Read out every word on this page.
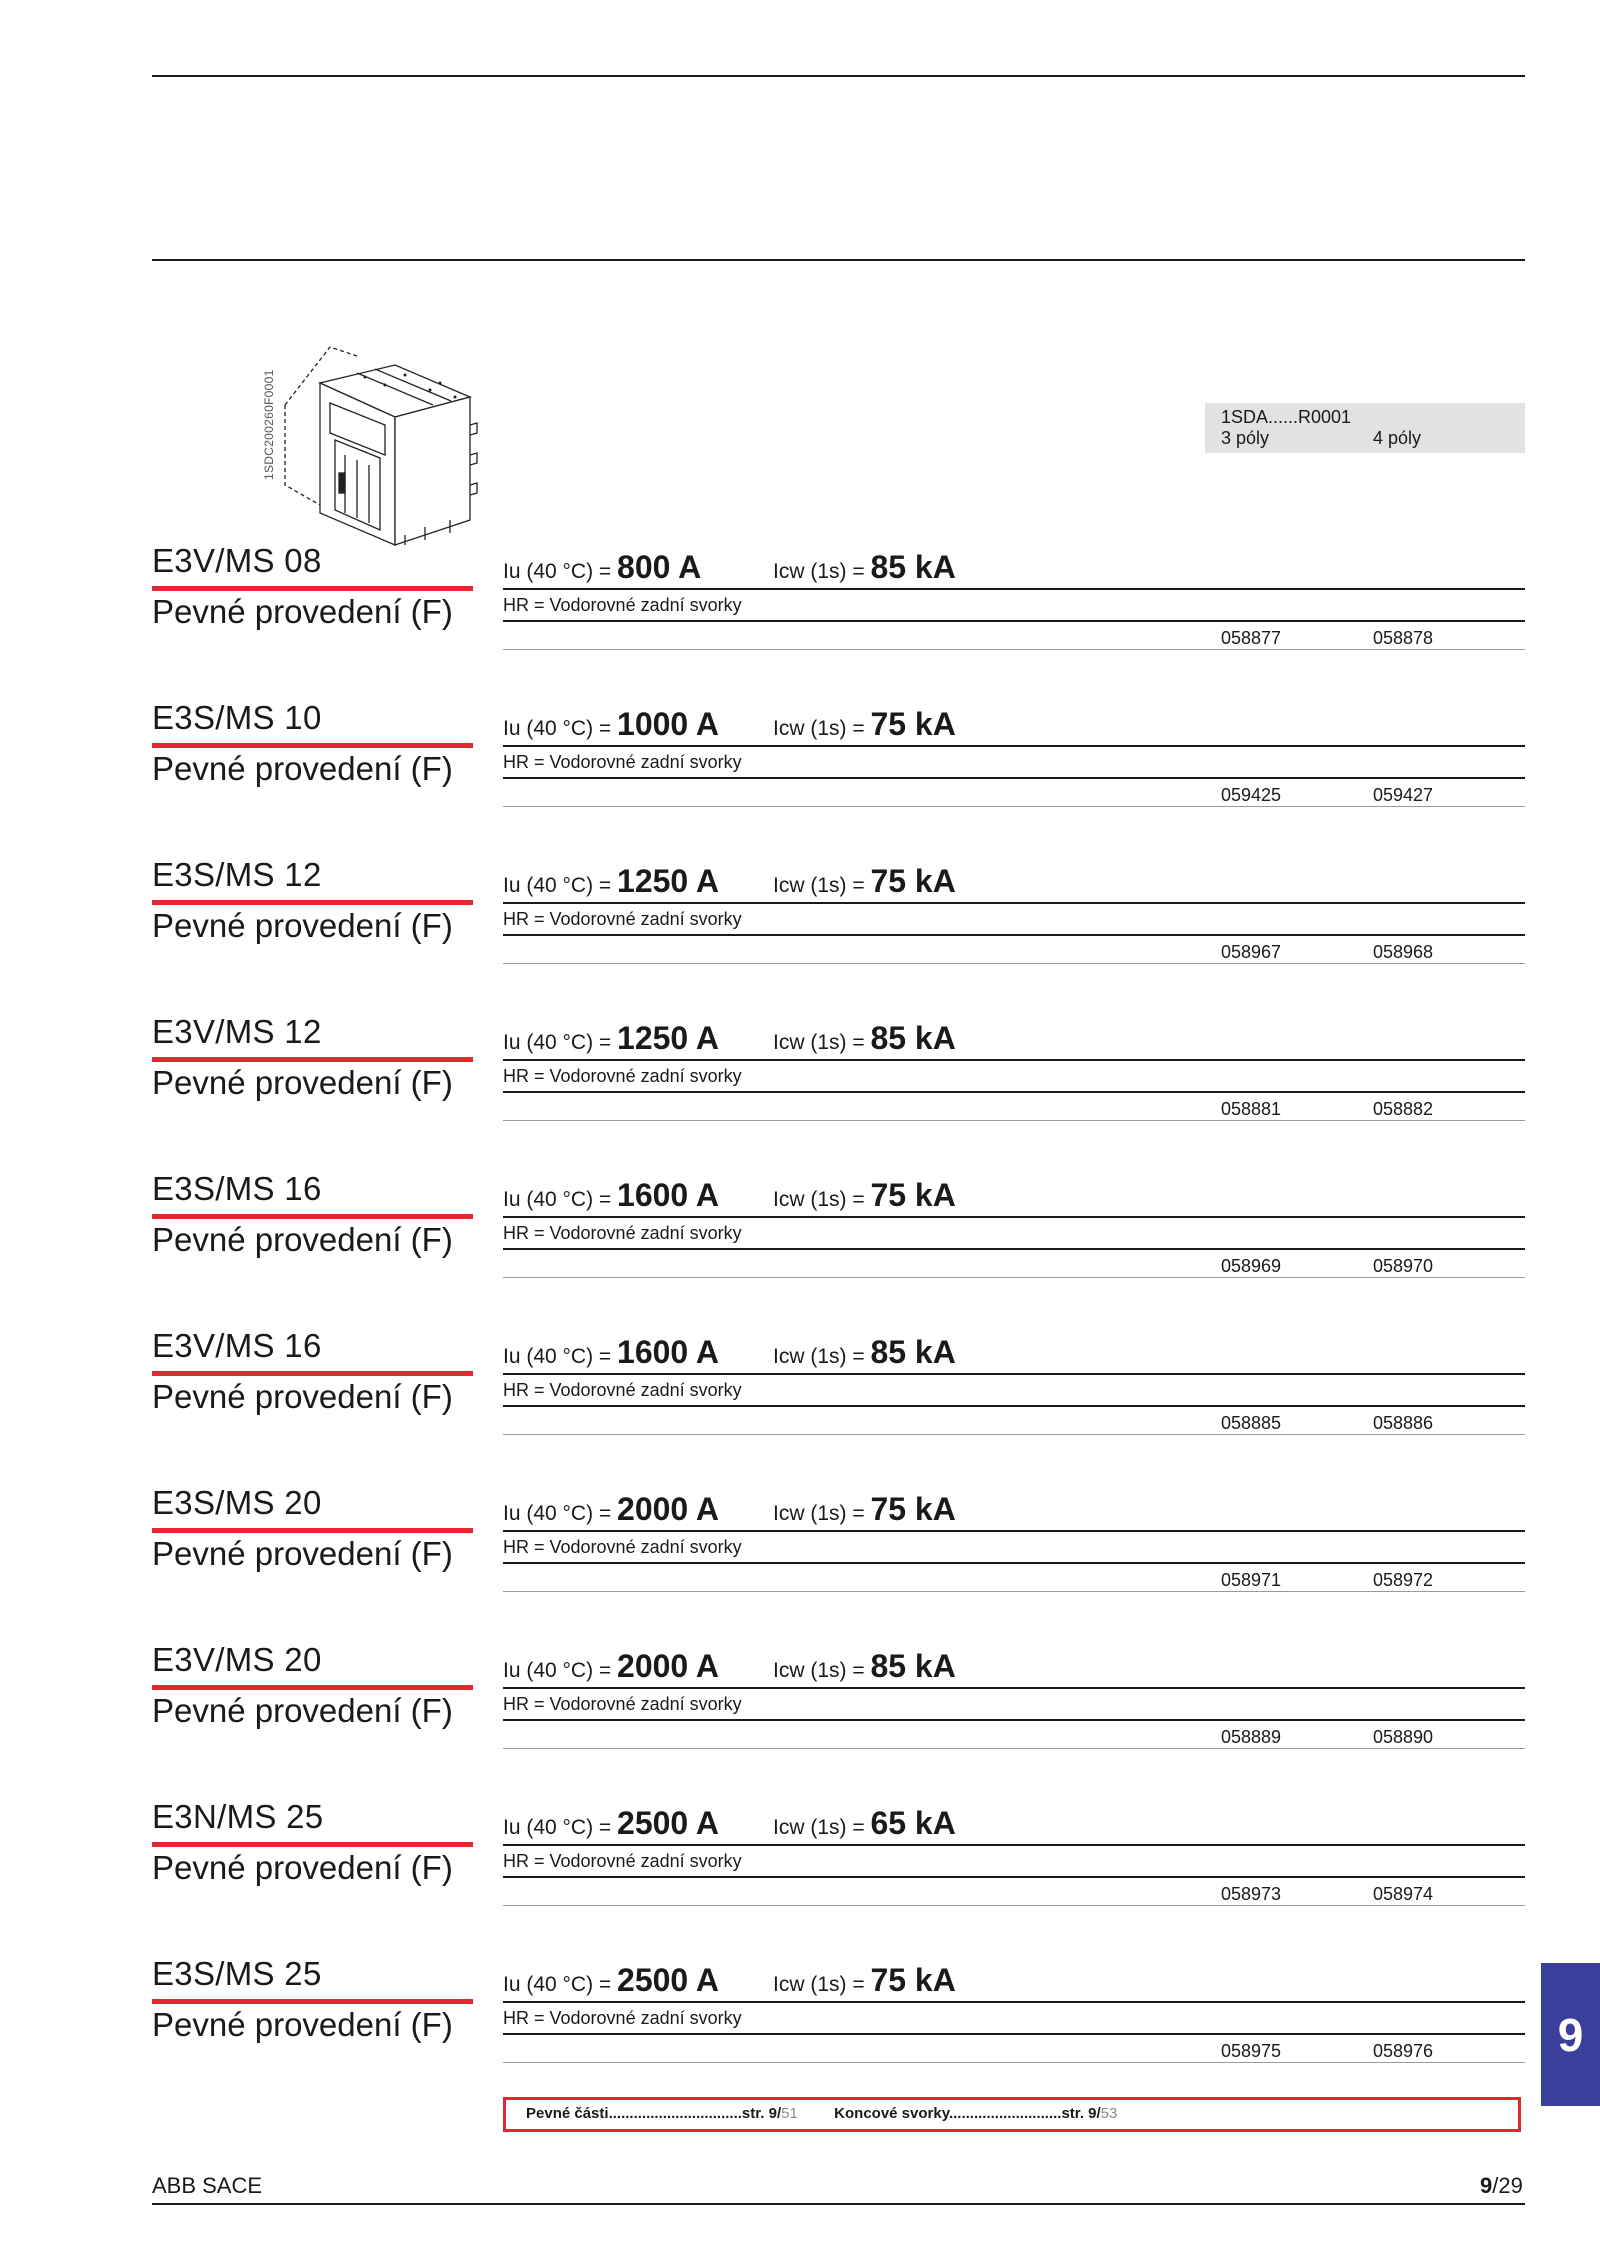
1SDC200260F0001	1SDA......R0001
3 póly	4 póly
E3V/MS 08
Pevné provedení (F)
Iu (40 °C) = 800 A	Icw (1s) = 85 kA
HR = Vodorovné zadní svorky
058877	058878
E3S/MS 10
Pevné provedení (F)
Iu (40 °C) = 1000 A	Icw (1s) = 75 kA
HR = Vodorovné zadní svorky
059425	059427
E3S/MS 12
Pevné provedení (F)
Iu (40 °C) = 1250 A	Icw (1s) = 75 kA
HR = Vodorovné zadní svorky
058967	058968
E3V/MS 12
Pevné provedení (F)
Iu (40 °C) = 1250 A	Icw (1s) = 85 kA
HR = Vodorovné zadní svorky
058881	058882
E3S/MS 16
Pevné provedení (F)
Iu (40 °C) = 1600 A	Icw (1s) = 75 kA
HR = Vodorovné zadní svorky
058969	058970
E3V/MS 16
Pevné provedení (F)
Iu (40 °C) = 1600 A	Icw (1s) = 85 kA
HR = Vodorovné zadní svorky
058885	058886
E3S/MS 20
Pevné provedení (F)
Iu (40 °C) = 2000 A	Icw (1s) = 75 kA
HR = Vodorovné zadní svorky
058971	058972
E3V/MS 20
Pevné provedení (F)
Iu (40 °C) = 2000 A	Icw (1s) = 85 kA
HR = Vodorovné zadní svorky
058889	058890
E3N/MS 25
Pevné provedení (F)
Iu (40 °C) = 2500 A	Icw (1s) = 65 kA
HR = Vodorovné zadní svorky
058973	058974
E3S/MS 25
Pevné provedení (F)
Iu (40 °C) = 2500 A	Icw (1s) = 75 kA
HR = Vodorovné zadní svorky
058975	058976
Pevné části................................str. 9/51 Koncové svorky...........................str. 9/53
9
ABB SACE	9/29
